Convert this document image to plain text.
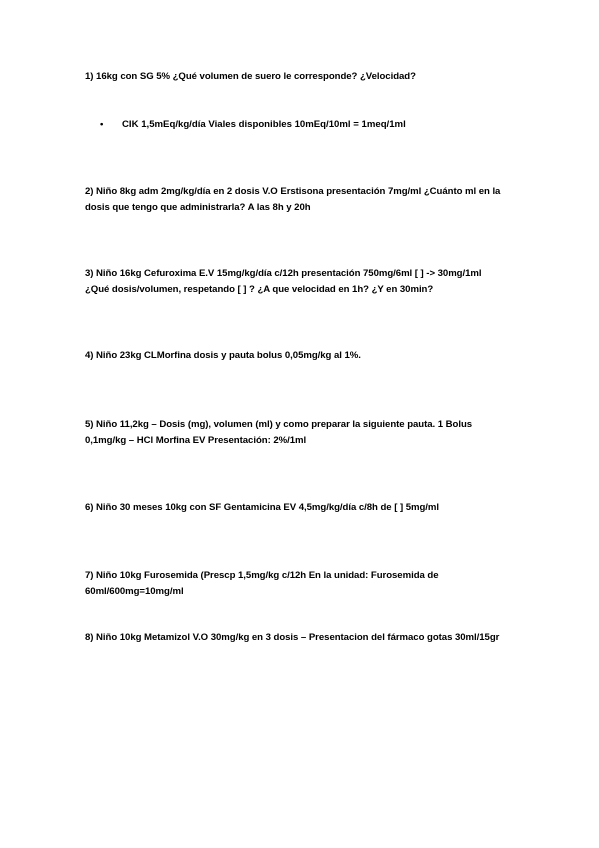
1) 16kg con SG 5% ¿Qué volumen de suero le corresponde? ¿Velocidad?
• CIK 1,5mEq/kg/día Viales disponibles 10mEq/10ml = 1meq/1ml
2) Niño 8kg adm 2mg/kg/día en 2 dosis V.O Erstisona presentación 7mg/ml ¿Cuánto ml en la
dosis que tengo que administrarla? A las 8h y 20h
3) Niño 16kg Cefuroxima E.V 15mg/kg/día c/12h presentación 750mg/6ml [ ] -> 30mg/1ml
¿Qué dosis/volumen, respetando [ ] ? ¿A que velocidad en 1h? ¿Y en 30min?
4) Niño 23kg CLMorfina dosis y pauta bolus 0,05mg/kg al 1%.
5) Niño 11,2kg – Dosis (mg), volumen (ml) y como preparar la siguiente pauta. 1 Bolus
0,1mg/kg – HCl Morfina EV Presentación: 2%/1ml
6) Niño 30 meses 10kg con SF Gentamicina EV 4,5mg/kg/día c/8h de [ ] 5mg/ml
7) Niño 10kg Furosemida (Prescp 1,5mg/kg c/12h En la unidad: Furosemida de
60ml/600mg=10mg/ml
8) Niño 10kg Metamizol V.O 30mg/kg en 3 dosis – Presentacion del fármaco gotas 30ml/15gr
